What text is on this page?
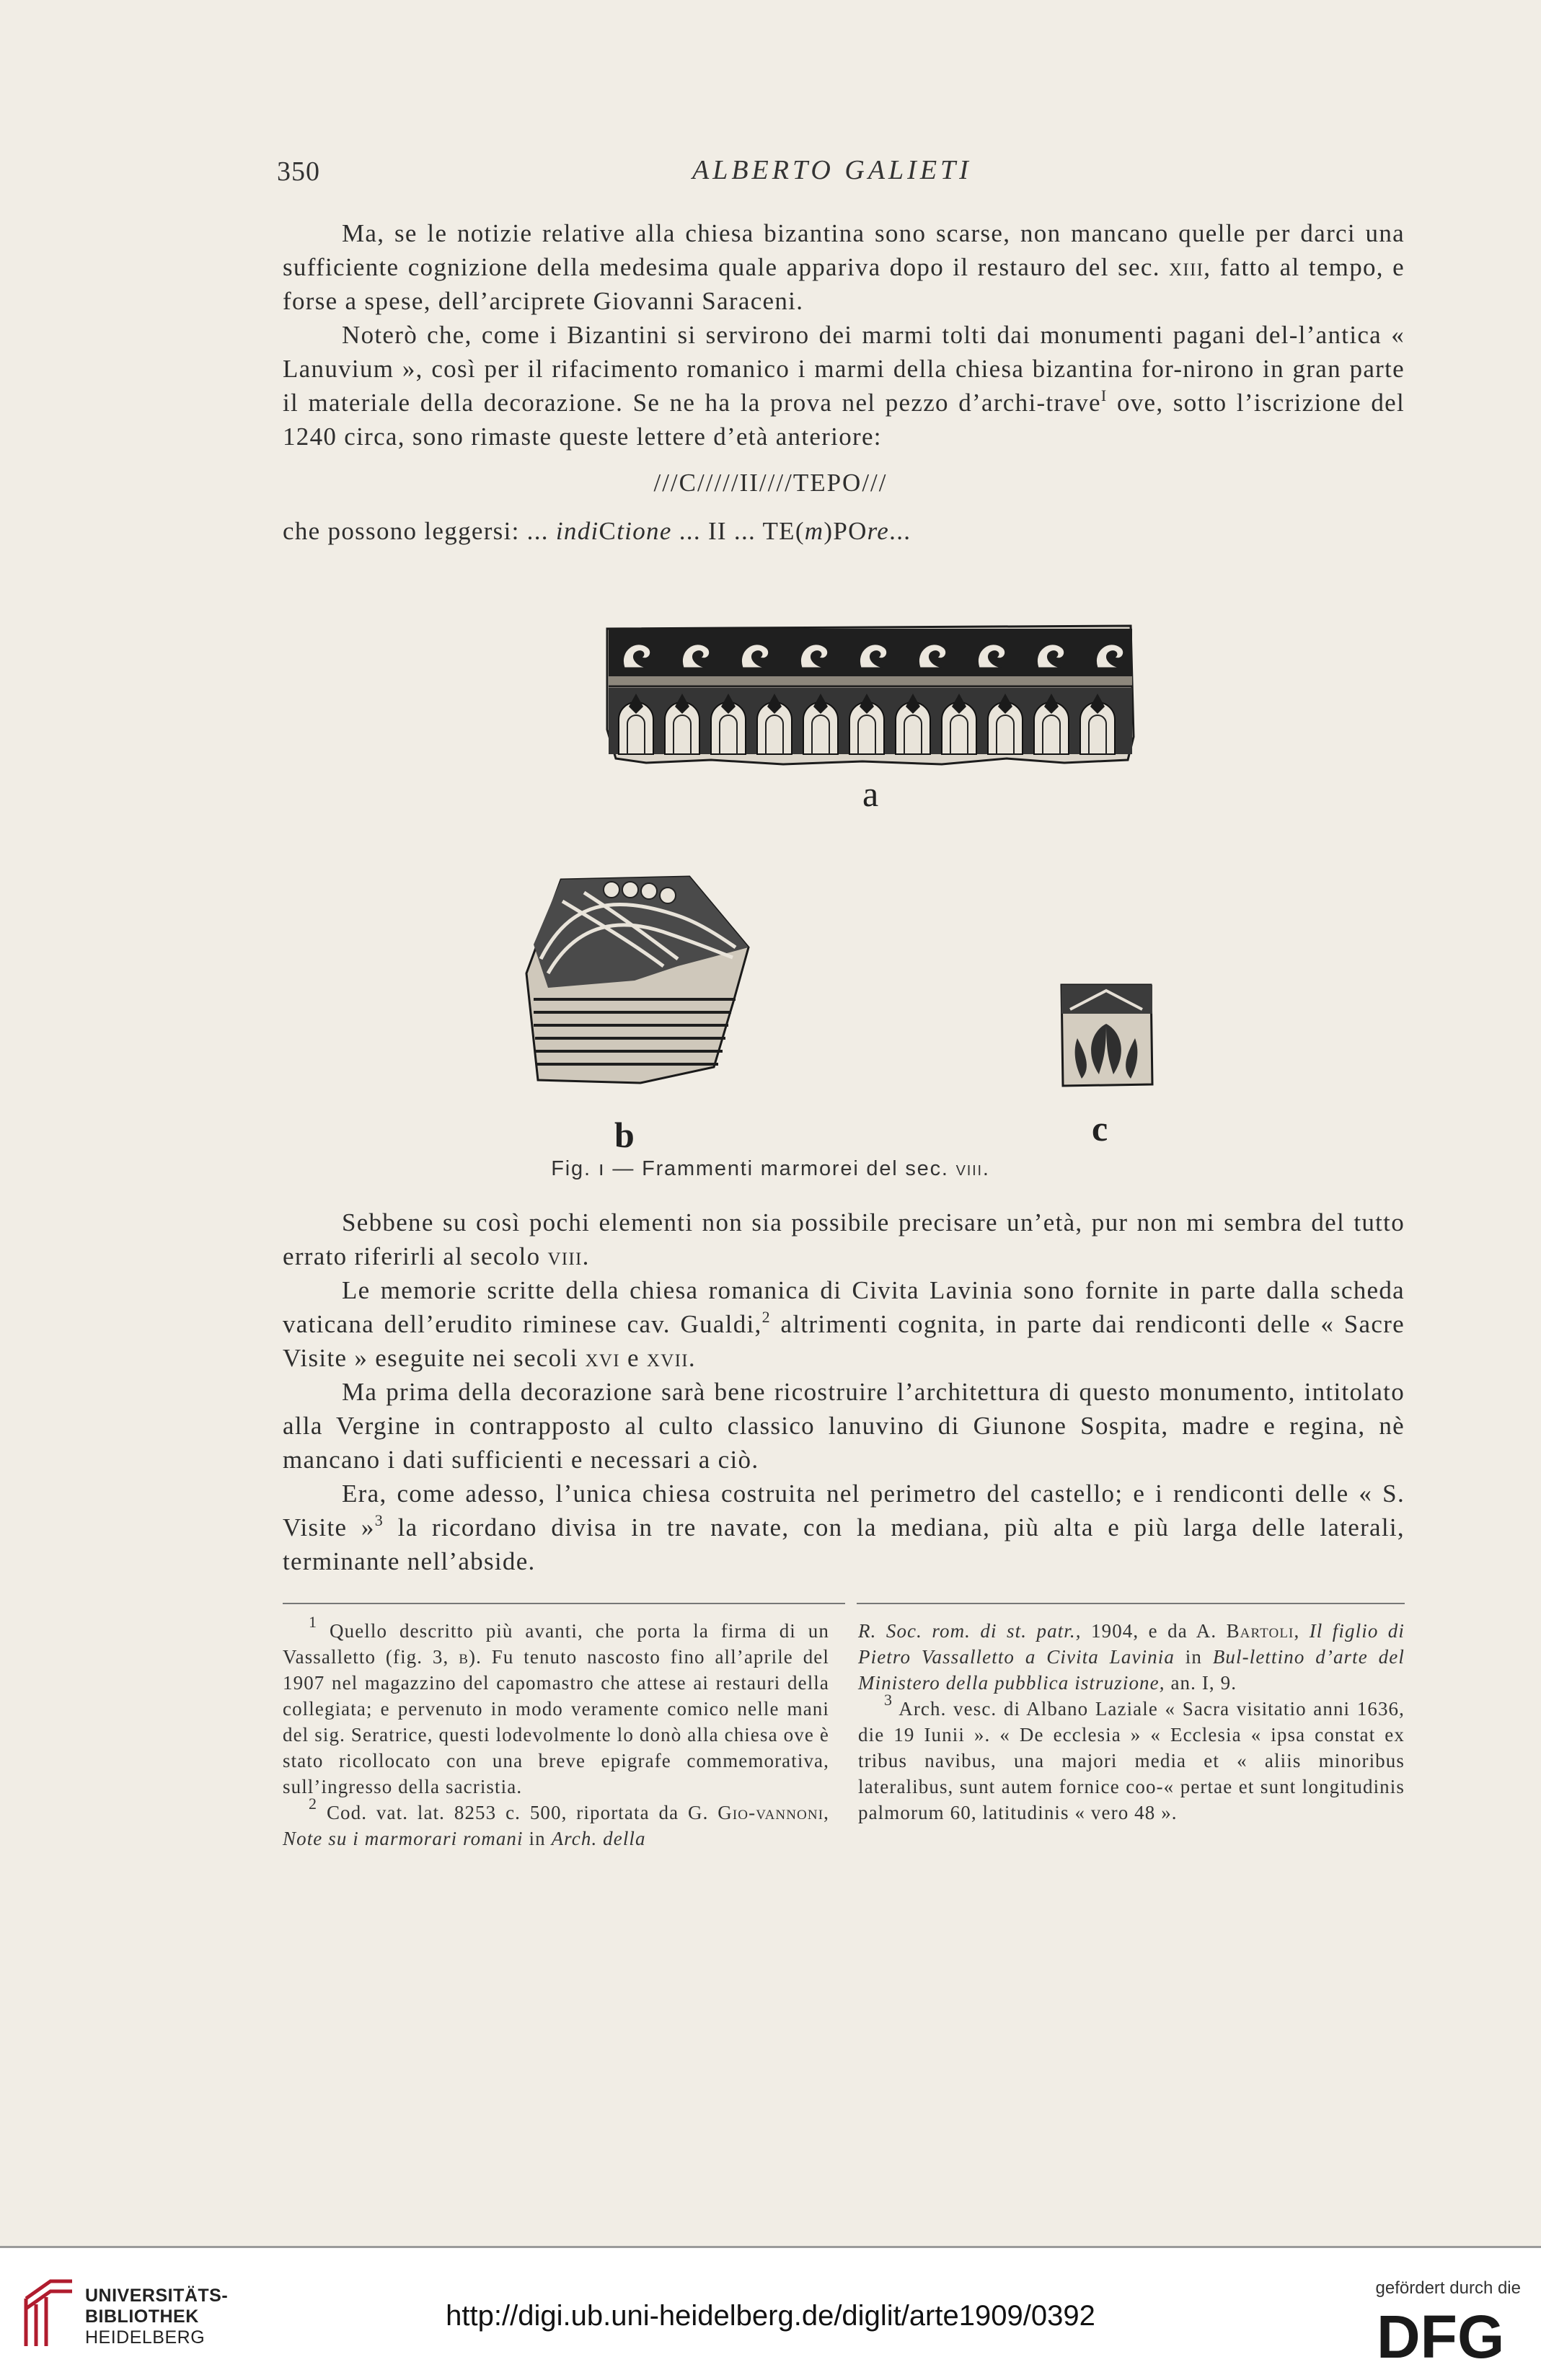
350	ALBERTO GALIETI

Ma, se le notizie relative alla chiesa bizantina sono scarse, non mancano quelle per darci una sufficiente cognizione della medesima quale appariva dopo il restauro del sec. xiii, fatto al tempo, e forse a spese, dell’arciprete Giovanni Saraceni.

Noterò che, come i Bizantini si servirono dei marmi tolti dai monumenti pagani del-l’antica « Lanuvium », così per il rifacimento romanico i marmi della chiesa bizantina for-nirono in gran parte il materiale della decorazione. Se ne ha la prova nel pezzo d’archi-trave$^I$ ove, sotto l’iscrizione del 1240 circa, sono rimaste queste lettere d’età anteriore:

///C/////II////TEPO///
che possono leggersi: ... indiCtione ... II ... TE(m)POre...
a
b	c
Fig. ı — Frammenti marmorei del sec. viii.

Sebbene su così pochi elementi non sia possibile precisare un’età, pur non mi sembra del tutto errato riferirli al secolo viii.

Le memorie scritte della chiesa romanica di Civita Lavinia sono fornite in parte dalla scheda vaticana dell’erudito riminese cav. Gualdi,$^2$ altrimenti cognita, in parte dai rendiconti delle « Sacre Visite » eseguite nei secoli xvi e xvii.

Ma prima della decorazione sarà bene ricostruire l’architettura di questo monumento, intitolato alla Vergine in contrapposto al culto classico lanuvino di Giunone Sospita, madre e regina, nè mancano i dati sufficienti e necessari a ciò.

Era, come adesso, l’unica chiesa costruita nel perimetro del castello; e i rendiconti delle « S. Visite »$^3$ la ricordano divisa in tre navate, con la mediana, più alta e più larga delle laterali, terminante nell’abside.

$^1$ Quello descritto più avanti, che porta la firma di un Vassalletto (fig. 3, b). Fu tenuto nascosto fino all’aprile del 1907 nel magazzino del capomastro che attese ai restauri della collegiata; e pervenuto in modo veramente comico nelle mani del sig. Seratrice, questi lodevolmente lo donò alla chiesa ove è stato ricollocato con una breve epigrafe commemorativa, sull’ingresso della sacristia.

$^2$ Cod. vat. lat. 8253 c. 500, riportata da G. Gio-vannoni, Note su i marmorari romani in Arch. della

R. Soc. rom. di st. patr., 1904, e da A. Bartoli, Il figlio di Pietro Vassalletto a Civita Lavinia in Bul-lettino d’arte del Ministero della pubblica istruzione, an. I, 9.

$^3$ Arch. vesc. di Albano Laziale « Sacra visitatio anni 1636, die 19 Iunii ». « De ecclesia » « Ecclesia « ipsa constat ex tribus navibus, una majori media et « aliis minoribus lateralibus, sunt autem fornice coo-« pertae et sunt longitudinis palmorum 60, latitudinis « vero 48 ».

UNIVERSITÄTS-
BIBLIOTHEK
HEIDELBERG
http://digi.ub.uni-heidelberg.de/diglit/arte1909/0392
gefördert durch die
DFG
